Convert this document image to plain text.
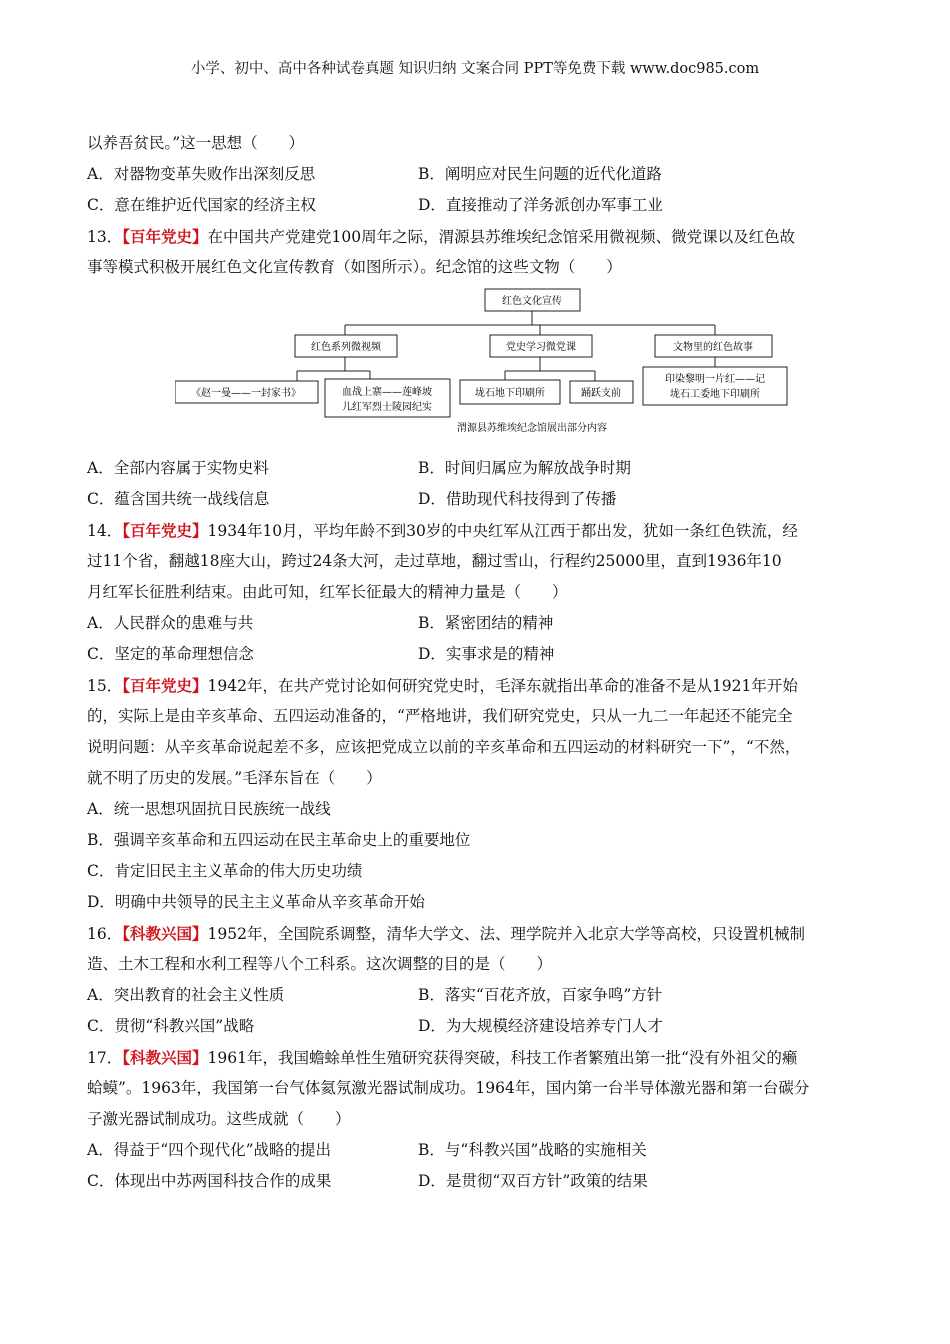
小学、初中、高中各种试卷真题 知识归纳 文案合同 PPT等免费下载 www.doc985.com
以养吾贫民。”这一思想（　　）
A．对器物变革失败作出深刻反思	B．阐明应对民生问题的近代化道路
C．意在维护近代国家的经济主权	D．直接推动了洋务派创办军事工业
13．【百年党史】在中国共产党建党100周年之际，渭源县苏维埃纪念馆采用微视频、微党课以及红色故
事等模式积极开展红色文化宣传教育（如图所示）。纪念馆的这些文物（　　）
红色文化宣传
红色系列微视频	党史学习微党课	文物里的红色故事
《赵一曼——一封家书》	血战上寨——莲峰坡
儿红军烈士陵园纪实
垅石地下印刷所	踊跃支前
印染黎明一片红——记
垅石工委地下印刷所
渭源县苏维埃纪念馆展出部分内容
A．全部内容属于实物史料	B．时间归属应为解放战争时期
C．蕴含国共统一战线信息	D．借助现代科技得到了传播
14．【百年党史】1934年10月，平均年龄不到30岁的中央红军从江西于都出发，犹如一条红色铁流，经
过11个省，翻越18座大山，跨过24条大河，走过草地，翻过雪山，行程约25000里，直到1936年10
月红军长征胜利结束。由此可知，红军长征最大的精神力量是（　　）
A．人民群众的患难与共	B．紧密团结的精神
C．坚定的革命理想信念	D．实事求是的精神
15．【百年党史】1942年，在共产党讨论如何研究党史时，毛泽东就指出革命的准备不是从1921年开始
的，实际上是由辛亥革命、五四运动准备的，“严格地讲，我们研究党史，只从一九二一年起还不能完全
说明问题：从辛亥革命说起差不多，应该把党成立以前的辛亥革命和五四运动的材料研究一下”，“不然，
就不明了历史的发展。”毛泽东旨在（　　）
A．统一思想巩固抗日民族统一战线
B．强调辛亥革命和五四运动在民主革命史上的重要地位
C．肯定旧民主主义革命的伟大历史功绩
D．明确中共领导的民主主义革命从辛亥革命开始
16．【科教兴国】1952年，全国院系调整，清华大学文、法、理学院并入北京大学等高校，只设置机械制
造、土木工程和水利工程等八个工科系。这次调整的目的是（　　）
A．突出教育的社会主义性质	B．落实“百花齐放，百家争鸣”方针
C．贯彻“科教兴国”战略	D．为大规模经济建设培养专门人才
17．【科教兴国】1961年，我国蟾蜍单性生殖研究获得突破，科技工作者繁殖出第一批“没有外祖父的癞
蛤蟆”。1963年，我国第一台气体氦氖激光器试制成功。1964年，国内第一台半导体激光器和第一台碳分
子激光器试制成功。这些成就（　　）
A．得益于“四个现代化”战略的提出	B．与“科教兴国”战略的实施相关
C．体现出中苏两国科技合作的成果	D．是贯彻“双百方针”政策的结果
